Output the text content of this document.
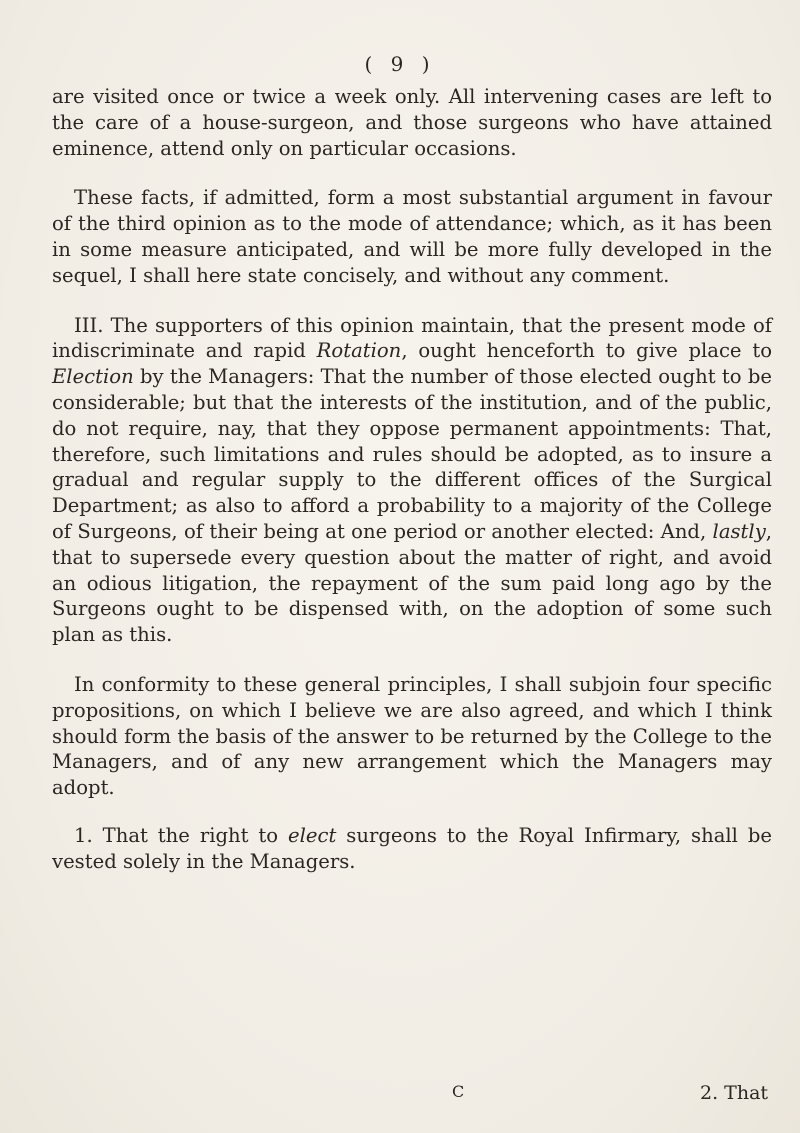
( 9 )

are visited once or twice a week only. All intervening cases are left to the care of a house-surgeon, and those surgeons who have attained eminence, attend only on particular occasions.

These facts, if admitted, form a most substantial argument in favour of the third opinion as to the mode of attendance; which, as it has been in some measure anticipated, and will be more fully developed in the sequel, I shall here state concisely, and without any comment.

III. The supporters of this opinion maintain, that the present mode of indiscriminate and rapid Rotation, ought henceforth to give place to Election by the Managers: That the number of those elected ought to be considerable; but that the interests of the institution, and of the public, do not require, nay, that they oppose permanent appointments: That, therefore, such limitations and rules should be adopted, as to insure a gradual and regular supply to the different offices of the Surgical Department; as also to afford a probability to a majority of the College of Surgeons, of their being at one period or another elected: And, lastly, that to supersede every question about the matter of right, and avoid an odious litigation, the repayment of the sum paid long ago by the Surgeons ought to be dispensed with, on the adoption of some such plan as this.

In conformity to these general principles, I shall subjoin four specific propositions, on which I believe we are also agreed, and which I think should form the basis of the answer to be returned by the College to the Managers, and of any new arrangement which the Managers may adopt.

1. That the right to elect surgeons to the Royal Infirmary, shall be vested solely in the Managers.

C	2. That
